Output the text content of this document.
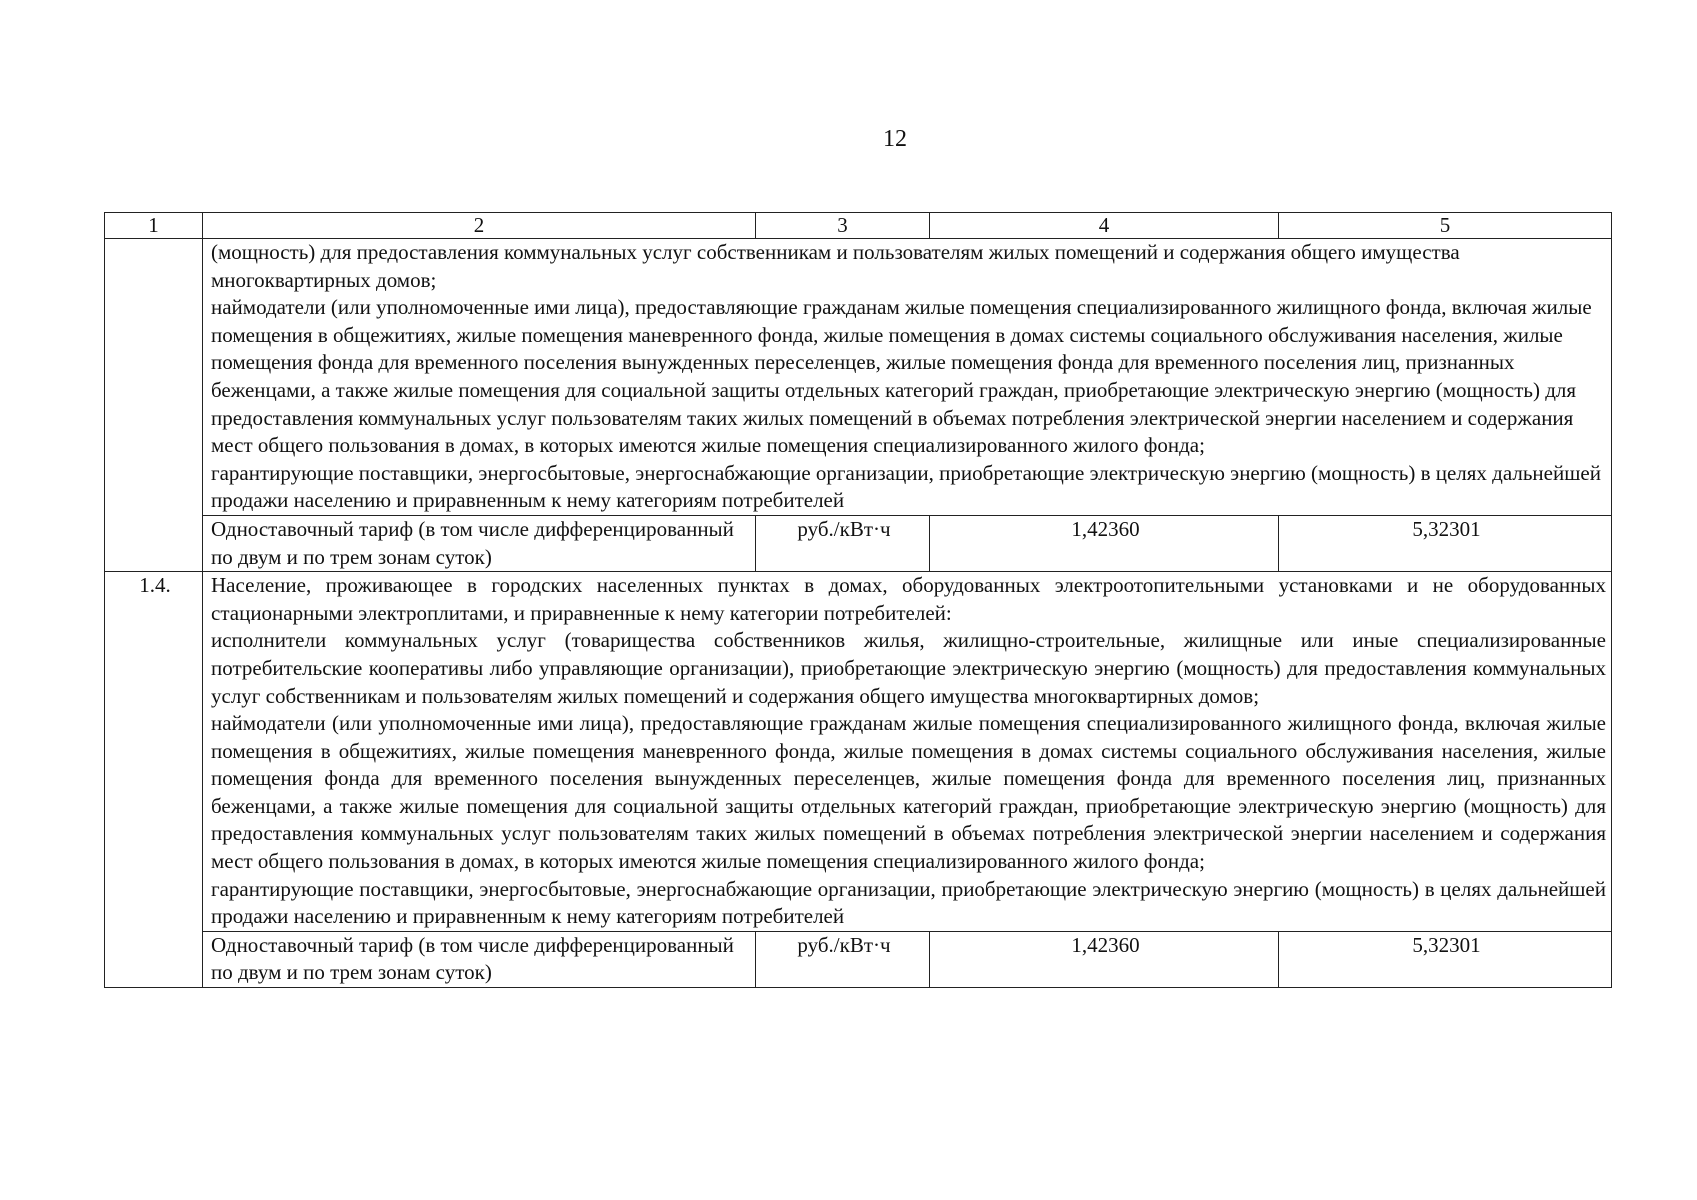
12
1	2	3	4	5

	(мощность) для предоставления коммунальных услуг собственникам и пользователям жилых помещений и содержания общего имущества многоквартирных домов;
наймодатели (или уполномоченные ими лица), предоставляющие гражданам жилые помещения специализированного жилищного фонда, включая жилые помещения в общежитиях, жилые помещения маневренного фонда, жилые помещения в домах системы социального обслуживания населения, жилые помещения фонда для временного поселения вынужденных переселенцев, жилые помещения фонда для временного поселения лиц, признанных беженцами, а также жилые помещения для социальной защиты отдельных категорий граждан, приобретающие электрическую энергию (мощность) для предоставления коммунальных услуг пользователям таких жилых помещений в объемах потребления электрической энергии населением и содержания мест общего пользования в домах, в которых имеются жилые помещения специализированного жилого фонда;
гарантирующие поставщики, энергосбытовые, энергоснабжающие организации, приобретающие электрическую энергию (мощность) в целях дальнейшей продажи населению и приравненным к нему категориям потребителей			

	Одноставочный тариф (в том числе дифференцированный по двум и по трем зонам суток)	руб./кВт·ч	1,42360	5,32301
1.4.	Население, проживающее в городских населенных пунктах в домах, оборудованных электроотопительными установками и не оборудованных стационарными электроплитами, и приравненные к нему категории потребителей:
исполнители коммунальных услуг (товарищества собственников жилья, жилищно-строительные, жилищные или иные специализированные потребительские кооперативы либо управляющие организации), приобретающие электрическую энергию (мощность) для предоставления коммунальных услуг собственникам и пользователям жилых помещений и содержания общего имущества многоквартирных домов;
наймодатели (или уполномоченные ими лица), предоставляющие гражданам жилые помещения специализированного жилищного фонда, включая жилые помещения в общежитиях, жилые помещения маневренного фонда, жилые помещения в домах системы социального обслуживания населения, жилые помещения фонда для временного поселения вынужденных переселенцев, жилые помещения фонда для временного поселения лиц, признанных беженцами, а также жилые помещения для социальной защиты отдельных категорий граждан, приобретающие электрическую энергию (мощность) для предоставления коммунальных услуг пользователям таких жилых помещений в объемах потребления электрической энергии населением и содержания мест общего пользования в домах, в которых имеются жилые помещения специализированного жилого фонда;
гарантирующие поставщики, энергосбытовые, энергоснабжающие организации, приобретающие электрическую энергию (мощность) в целях дальнейшей продажи населению и приравненным к нему категориям потребителей			

	Одноставочный тариф (в том числе дифференцированный по двум и по трем зонам суток)	руб./кВт·ч	1,42360	5,32301
